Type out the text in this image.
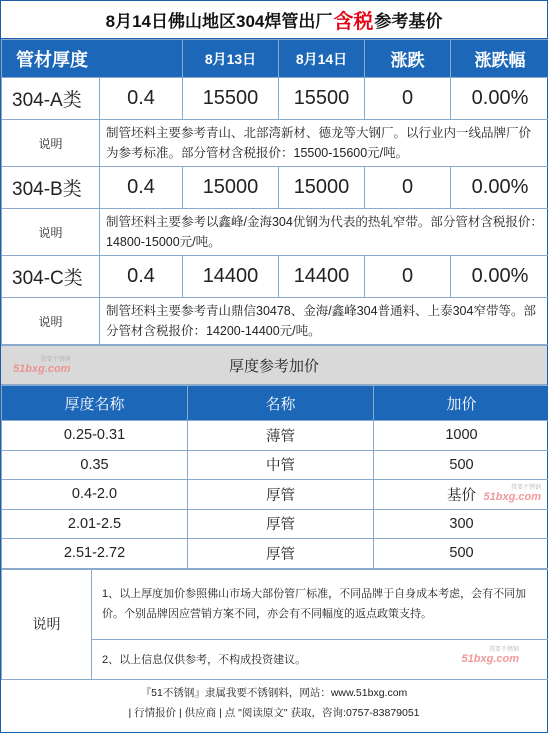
8月14日佛山地区304焊管出厂 含税 参考基价
管材厚度		8月13日	8月14日	涨跌	涨跌幅
304-A类	0.4	15500	15500	0	0.00%
说明	制管坯料主要参考青山、北部湾新材、德龙等大钢厂。以行业内一线品牌厂价为参考标准。部分管材含税报价：15500-15600元/吨。				
304-B类	0.4	15000	15000	0	0.00%
说明	制管坯料主要参考以鑫峰/金海304优钢为代表的热轧窄带。部分管材含税报价：14800-15000元/吨。				
304-C类	0.4	14400	14400	0	0.00%
说明	制管坯料主要参考青山鼎信30478、金海/鑫峰304普通料、上泰304窄带等。部分管材含税报价：14200-14400元/吨。				
我要不锈钢
51bxg.com	厚度参考加价
厚度名称	名称	加价
0.25-0.31	薄管	1000
0.35	中管	500
0.4-2.0	厚管	基价 我要不锈钢
51bxg.com

2.01-2.5	厚管	300
2.51-2.72	厚管	500
说明	1、以上厚度加价参照佛山市场大部份管厂标准，不同品牌于自身成本考虑，会有不同加价。个别品牌因应营销方案不同，亦会有不同幅度的返点政策支持。
2、以上信息仅供参考，不构成投资建议。
我要不锈钢
51bxg.com
『51不锈钢』隶属我要不锈钢料，网站：www.51bxg.com
| 行情报价 | 供应商 | 点 "阅读原文" 获取，咨询:0757-83879051
